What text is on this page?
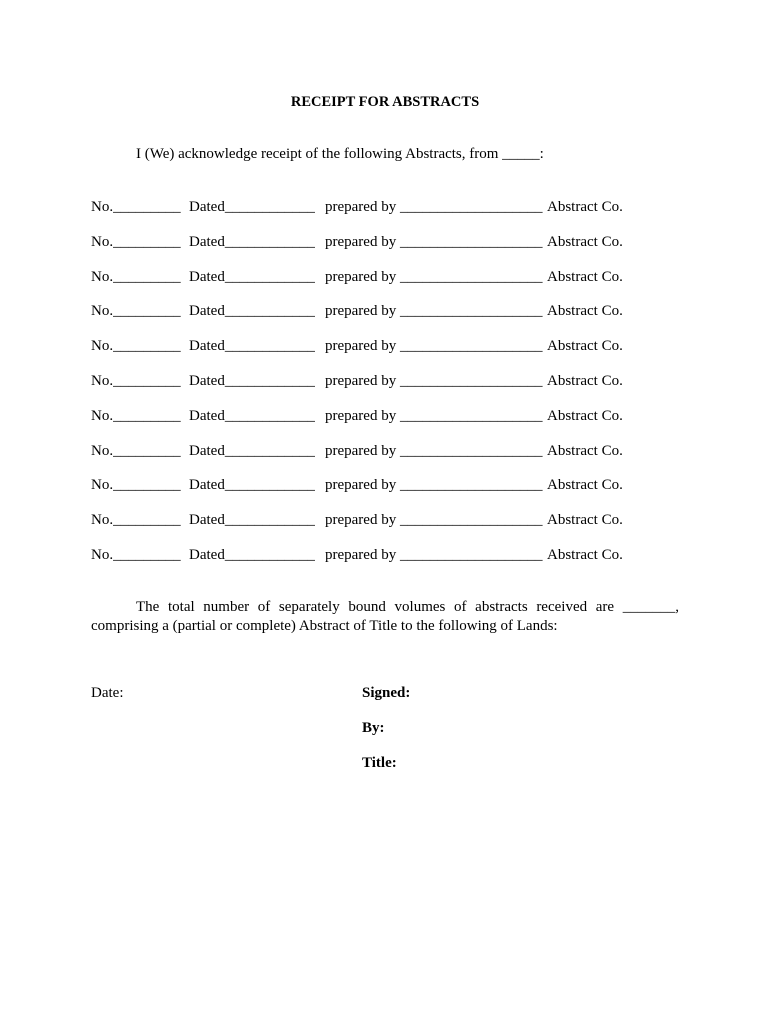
RECEIPT FOR ABSTRACTS
I (We) acknowledge receipt of the following Abstracts, from _____:
No._________ Dated____________ prepared by ___________________ Abstract Co.
No._________ Dated____________ prepared by ___________________ Abstract Co.
No._________ Dated____________ prepared by ___________________ Abstract Co.
No._________ Dated____________ prepared by ___________________ Abstract Co.
No._________ Dated____________ prepared by ___________________ Abstract Co.
No._________ Dated____________ prepared by ___________________ Abstract Co.
No._________ Dated____________ prepared by ___________________ Abstract Co.
No._________ Dated____________ prepared by ___________________ Abstract Co.
No._________ Dated____________ prepared by ___________________ Abstract Co.
No._________ Dated____________ prepared by ___________________ Abstract Co.
No._________ Dated____________ prepared by ___________________ Abstract Co.
The total number of separately bound volumes of abstracts received are _______,
comprising a (partial or complete) Abstract of Title to the following of Lands:
Date:	Signed:
By:
Title:
